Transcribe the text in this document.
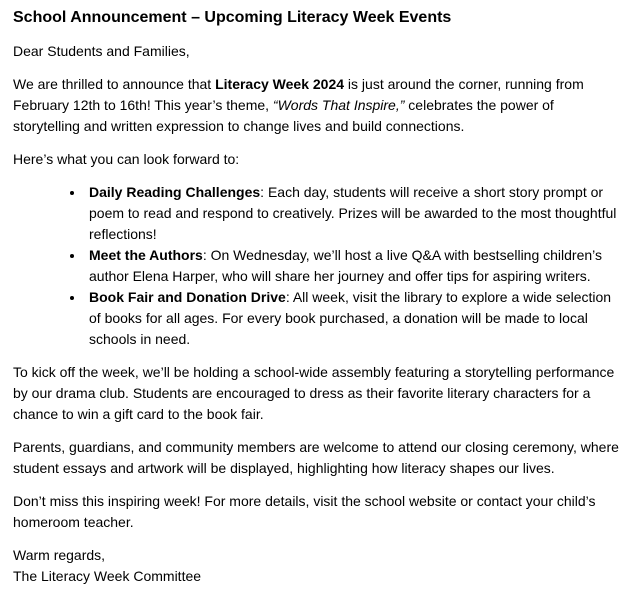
School Announcement – Upcoming Literacy Week Events

Dear Students and Families,

We are thrilled to announce that Literacy Week 2024 is just around the corner, running from February 12th to 16th! This year’s theme, “Words That Inspire,” celebrates the power of storytelling and written expression to change lives and build connections.

Here’s what you can look forward to:

• Daily Reading Challenges: Each day, students will receive a short story prompt or poem to read and respond to creatively. Prizes will be awarded to the most thoughtful reflections!
• Meet the Authors: On Wednesday, we’ll host a live Q&A with bestselling children’s author Elena Harper, who will share her journey and offer tips for aspiring writers.
• Book Fair and Donation Drive: All week, visit the library to explore a wide selection of books for all ages. For every book purchased, a donation will be made to local schools in need.

To kick off the week, we’ll be holding a school-wide assembly featuring a storytelling performance by our drama club. Students are encouraged to dress as their favorite literary characters for a chance to win a gift card to the book fair.

Parents, guardians, and community members are welcome to attend our closing ceremony, where student essays and artwork will be displayed, highlighting how literacy shapes our lives.

Don’t miss this inspiring week! For more details, visit the school website or contact your child’s homeroom teacher.

Warm regards,
The Literacy Week Committee
